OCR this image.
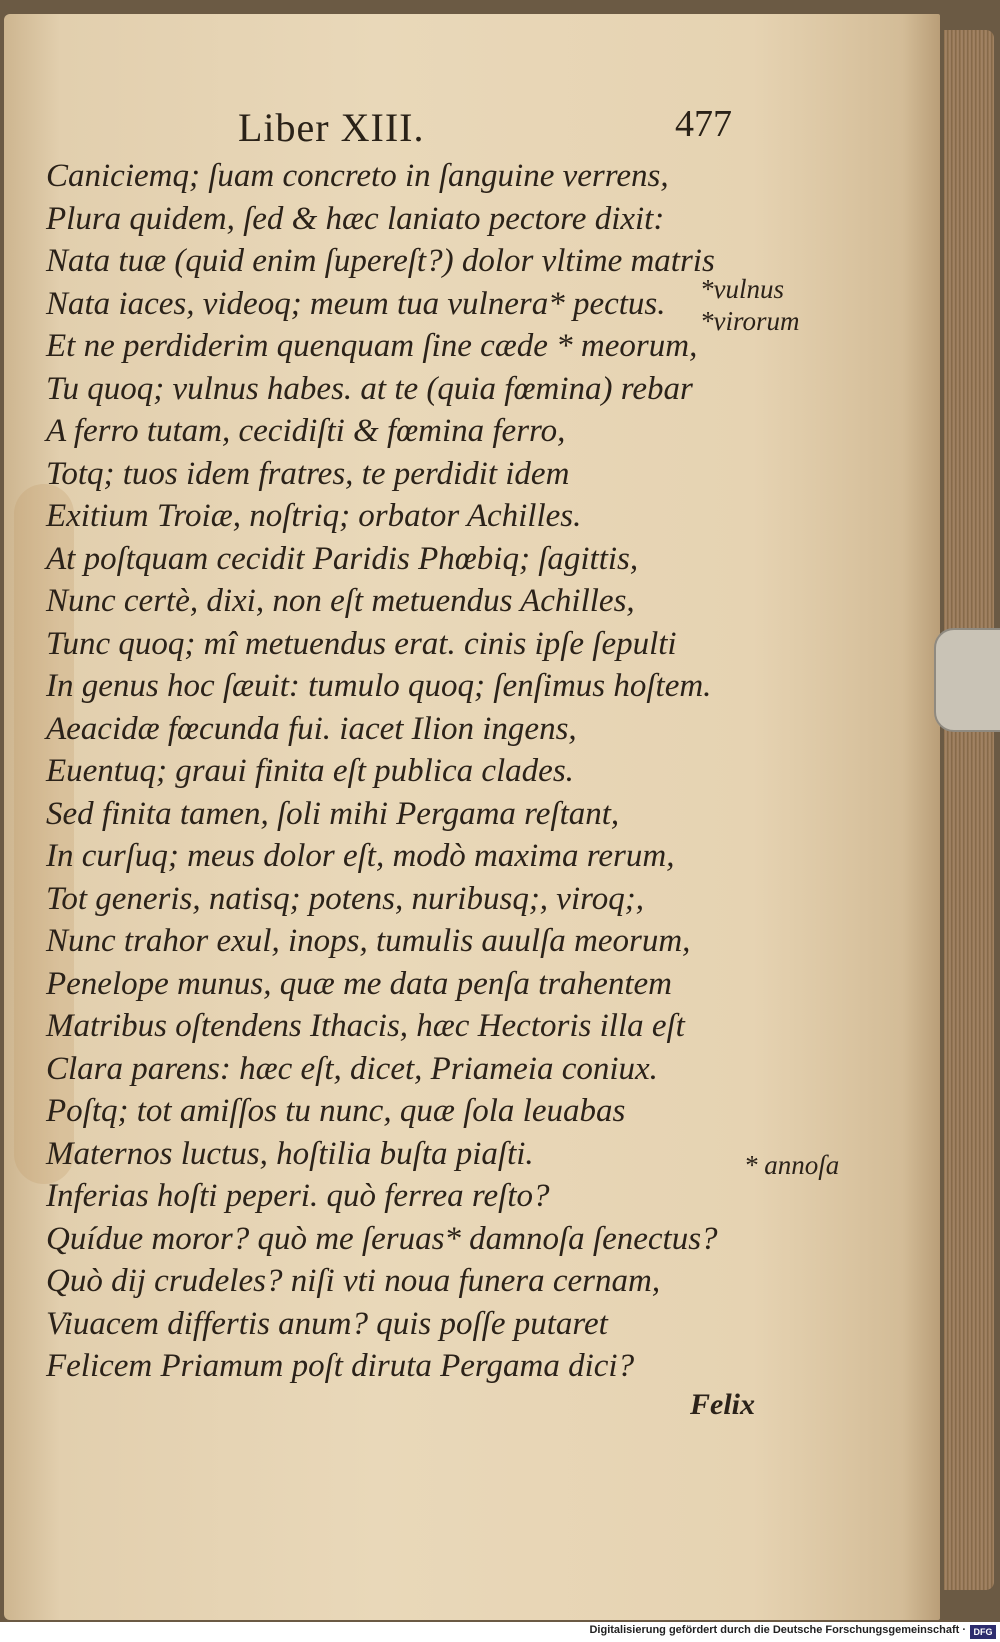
Liber XIII.	477
Caniciemq; ſuam concreto in ſanguine verrens,
Plura quidem, ſed & hæc laniato pectore dixit:
Nata tuæ (quid enim ſupereſt?) dolor vltime matris
Nata iaces, videoq; meum tua vulnera* pectus.
Et ne perdiderim quenquam ſine cæde * meorum,
Tu quoq; vulnus habes. at te (quia fœmina) rebar
A ferro tutam, cecidiſti & fœmina ferro,
Totq; tuos idem fratres, te perdidit idem
Exitium Troiæ, noſtriq; orbator Achilles.
At poſtquam cecidit Paridis Phœbiq; ſagittis,
Nunc certè, dixi, non eſt metuendus Achilles,
Tunc quoq; mî metuendus erat. cinis ipſe ſepulti
In genus hoc ſæuit: tumulo quoq; ſenſimus hoſtem.
Aeacidæ fœcunda fui. iacet Ilion ingens,
Euentuq; graui finita eſt publica clades.
Sed finita tamen, ſoli mihi Pergama reſtant,
In curſuq; meus dolor eſt, modò maxima rerum,
Tot generis, natisq; potens, nuribusq;, viroq;,
Nunc trahor exul, inops, tumulis auulſa meorum,
Penelope munus, quæ me data penſa trahentem
Matribus oſtendens Ithacis, hæc Hectoris illa eſt
Clara parens: hæc eſt, dicet, Priameia coniux.
Poſtq; tot amiſſos tu nunc, quæ ſola leuabas
Maternos luctus, hoſtilia buſta piaſti.
Inferias hoſti peperi. quò ferrea reſto?
Quídue moror? quò me ſeruas* damnoſa ſenectus?
Quò dij crudeles? niſi vti noua funera cernam,
Viuacem differtis anum? quis poſſe putaret
Felicem Priamum poſt diruta Pergama dici?
*vulnus
*virorum
* annoſa
Felix
Digitalisierung gefördert durch die Deutsche Forschungsgemeinschaft · DFG
